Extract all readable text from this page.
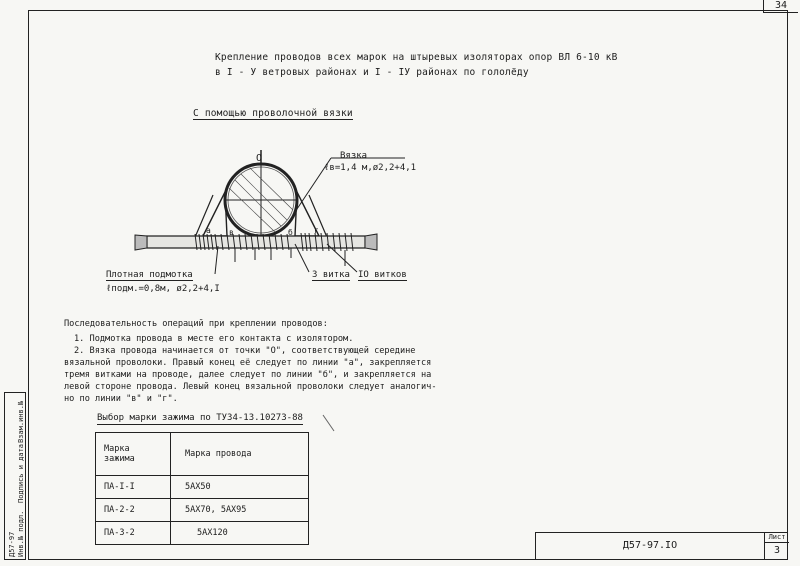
34
Крепление проводов всех марок на штыревых изоляторах опор ВЛ 6-10 кВ
в I - У ветровых районах и I - IУ районах по гололёду
С помощью проволочной вязки
О	Вязка
ℓв=1,4 м,ø2,2+4,1
а в	б	г
Плотная подмотка
ℓподм.=0,8м, ø2,2+4,I
3 витка IO витков
Последовательность операций при креплении проводов:
1. Подмотка провода в месте его контакта с изолятором.
2. Вязка провода начинается от точки "О", соответствующей середине
вязальной проволоки. Правый конец её следует по линии "а", закрепляется
тремя витками на проводе, далее следует по линии "б", и закрепляется на
левой стороне провода. Левый конец вязальной проволоки следует аналогич-
но по линии "в" и "г".
Выбор марки зажима по ТУ34-13.10273-88
Марка зажима	Марка провода
ПА-I-I	5АХ50
ПА-2-2	5АХ70, 5АХ95
ПА-3-2	5АХ120
Д57-97 Инв.№ подл.
Подпись и дата
Взам.инв.№
Д57-97.IO
Лист
3
